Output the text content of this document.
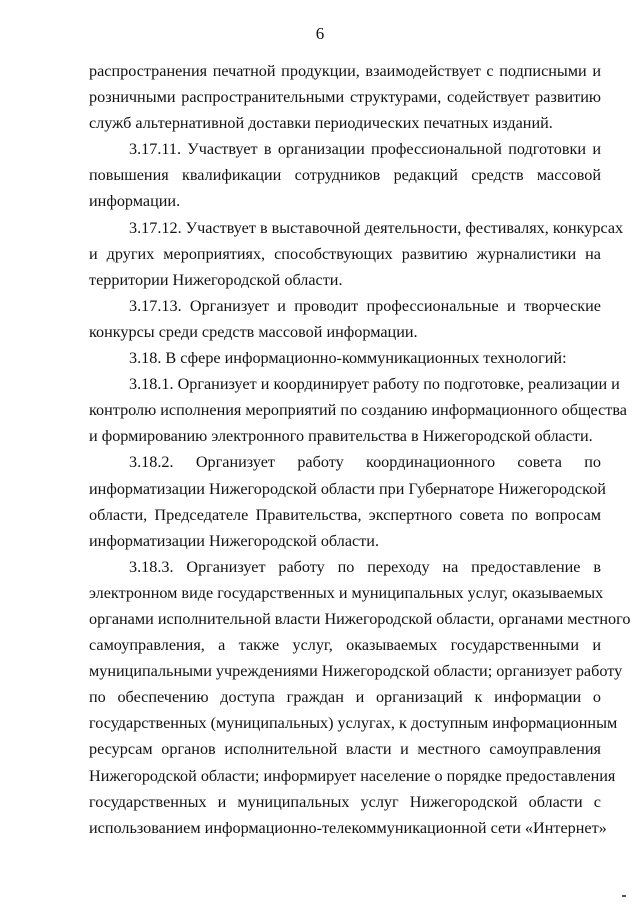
6
распространения печатной продукции, взаимодействует с подписными и
розничными распространительными структурами, содействует развитию
служб альтернативной доставки периодических печатных изданий.
3.17.11. Участвует в организации профессиональной подготовки и
повышения квалификации сотрудников редакций средств массовой
информации.
3.17.12. Участвует в выставочной деятельности, фестивалях, конкурсах
и других мероприятиях, способствующих развитию журналистики на
территории Нижегородской области.
3.17.13. Организует и проводит профессиональные и творческие
конкурсы среди средств массовой информации.
3.18. В сфере информационно-коммуникационных технологий:
3.18.1. Организует и координирует работу по подготовке, реализации и
контролю исполнения мероприятий по созданию информационного общества
и формированию электронного правительства в Нижегородской области.
3.18.2. Организует работу координационного совета по
информатизации Нижегородской области при Губернаторе Нижегородской
области, Председателе Правительства, экспертного совета по вопросам
информатизации Нижегородской области.
3.18.3. Организует работу по переходу на предоставление в
электронном виде государственных и муниципальных услуг, оказываемых
органами исполнительной власти Нижегородской области, органами местного
самоуправления, а также услуг, оказываемых государственными и
муниципальными учреждениями Нижегородской области; организует работу
по обеспечению доступа граждан и организаций к информации о
государственных (муниципальных) услугах, к доступным информационным
ресурсам органов исполнительной власти и местного самоуправления
Нижегородской области; информирует население о порядке предоставления
государственных и муниципальных услуг Нижегородской области с
использованием информационно-телекоммуникационной сети «Интернет»
